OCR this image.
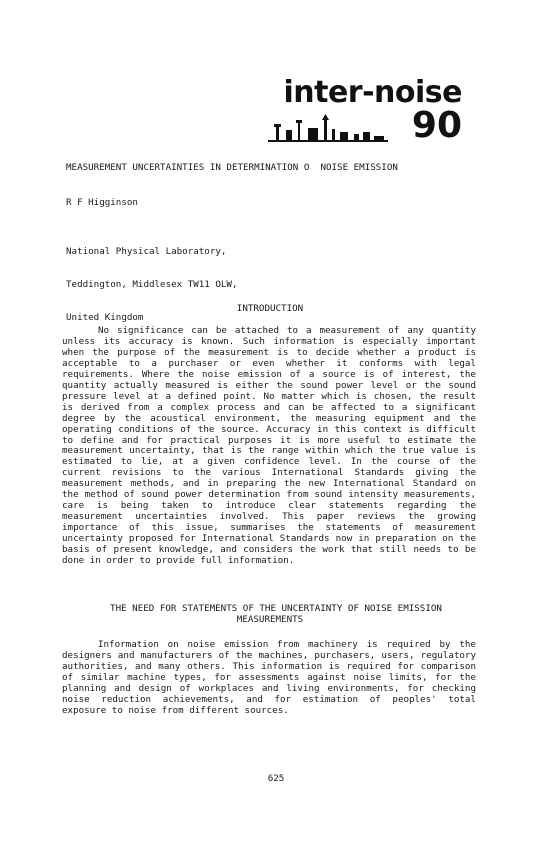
inter-noise
90
MEASUREMENT UNCERTAINTIES IN DETERMINATION O  NOISE EMISSION
R F Higginson

National Physical Laboratory,

Teddington, Middlesex TW11 OLW,

United Kingdom

INTRODUCTION
No significance can be attached to a measurement of any quantity unless its accuracy is known. Such information is especially important when the purpose of the measurement is to decide whether a product is acceptable to a purchaser or even whether it conforms with legal requirements. Where the noise emission of a source is of interest, the quantity actually measured is either the sound power level or the sound pressure level at a defined point. No matter which is chosen, the result is derived from a complex process and can be affected to a significant degree by the acoustical environment, the measuring equipment and the operating conditions of the source. Accuracy in this context is difficult to define and for practical purposes it is more useful to estimate the measurement uncertainty, that is the range within which the true value is estimated to lie, at a given confidence level. In the course of the current revisions to the various International Standards giving the measurement methods, and in preparing the new International Standard on the method of sound power determination from sound intensity measurements, care is being taken to introduce clear statements regarding the measurement uncertainties involved. This paper reviews the growing importance of this issue, summarises the statements of measurement uncertainty proposed for International Standards now in preparation on the basis of present knowledge, and considers the work that still needs to be done in order to provide full information.
THE NEED FOR STATEMENTS OF THE UNCERTAINTY OF NOISE EMISSION
MEASUREMENTS
Information on noise emission from machinery is required by the designers and manufacturers of the machines, purchasers, users, regulatory authorities, and many others. This information is required for comparison of similar machine types, for assessments against noise limits, for the planning and design of workplaces and living environments, for checking noise reduction achievements, and for estimation of peoples' total exposure to noise from different sources.
625
